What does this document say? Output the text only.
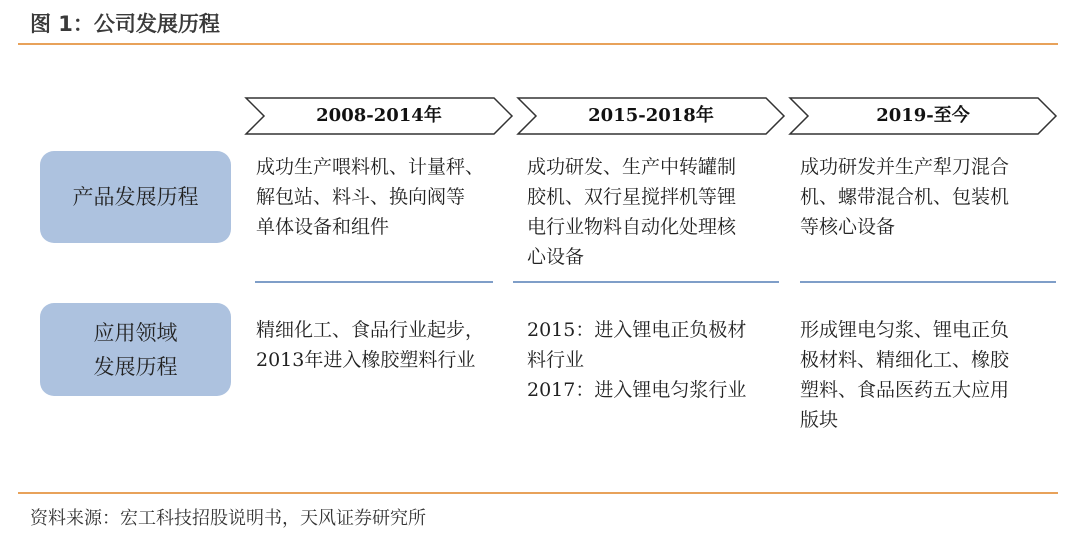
图 1：公司发展历程
2008-2014年	2015-2018年	2019-至今
产品发展历程

成功生产喂料机、计量秤、

解包站、料斗、换向阀等

单体设备和组件

成功研发、生产中转罐制

胶机、双行星搅拌机等锂

电行业物料自动化处理核

心设备

成功研发并生产犁刀混合

机、螺带混合机、包装机

等核心设备

应用领域
发展历程

精细化工、食品行业起步，

2013年进入橡胶塑料行业

2015：进入锂电正负极材

料行业

2017：进入锂电匀浆行业

形成锂电匀浆、锂电正负

极材料、精细化工、橡胶

塑料、食品医药五大应用

版块

资料来源：宏工科技招股说明书，天风证券研究所
